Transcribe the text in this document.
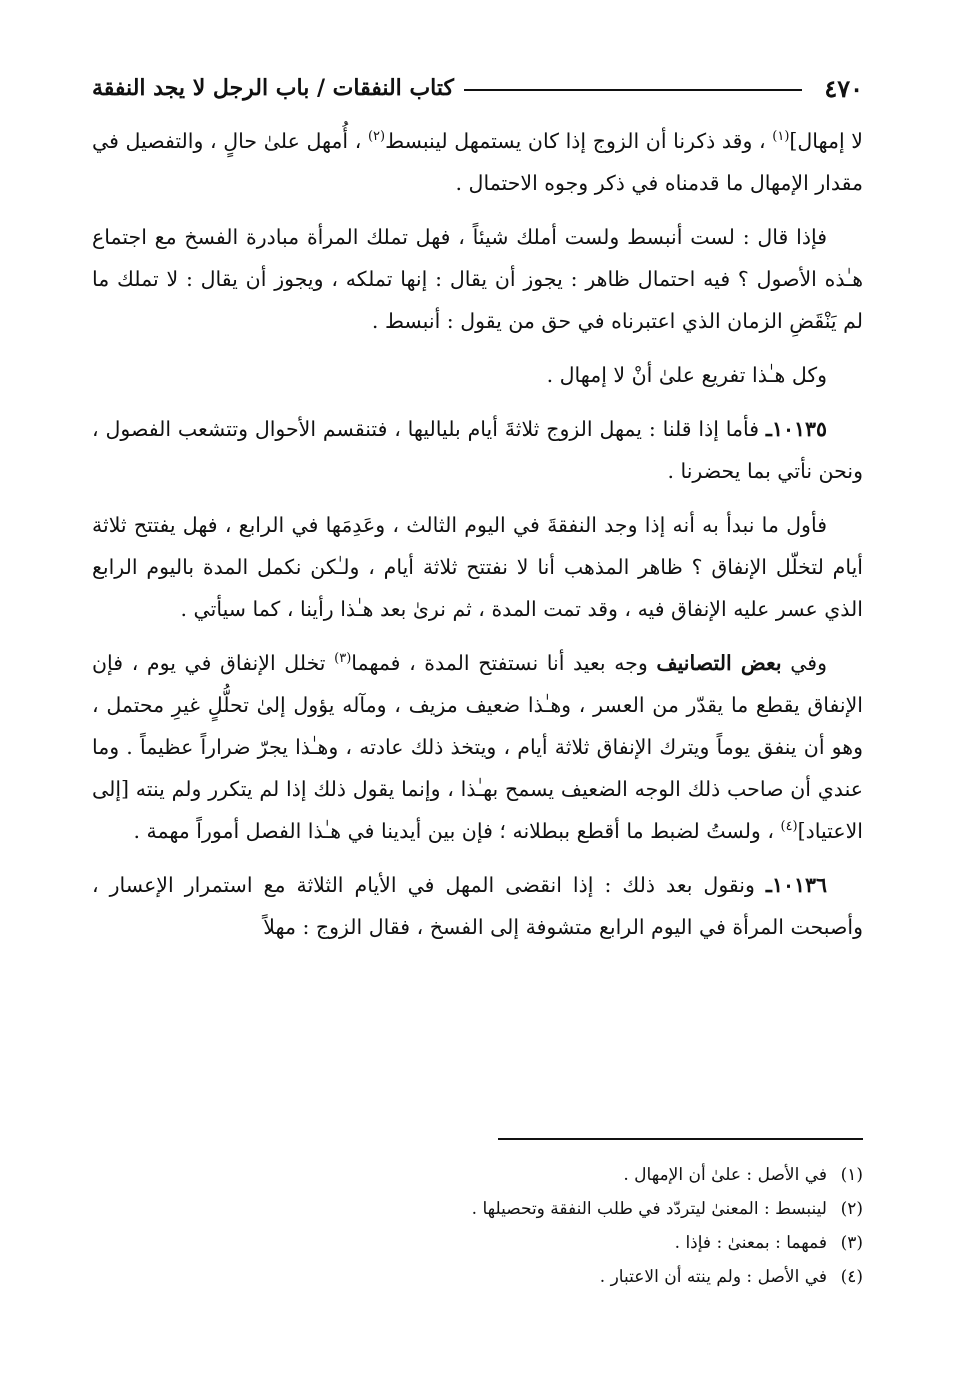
٤٧٠
كتاب النفقات / باب الرجل لا يجد النفقة

لا إمهال]$^{(١)}$ ، وقد ذكرنا أن الزوج إذا كان يستمهل لينبسط$^{(٢)}$ ، أُمهل علىٰ حالٍ ، والتفصيل في مقدار الإمهال ما قدمناه في ذكر وجوه الاحتمال .

فإذا قال : لست أنبسط ولست أملك شيئاً ، فهل تملك المرأة مبادرة الفسخ مع اجتماع هـٰذه الأصول ؟ فيه احتمال ظاهر : يجوز أن يقال : إنها تملكه ، ويجوز أن يقال : لا تملك ما لم يَنْقَضِ الزمان الذي اعتبرناه في حق من يقول : أنبسط .

وكل هـٰذا تفريع علىٰ أنْ لا إمهال .

١٠١٣٥ـ فأما إذا قلنا : يمهل الزوج ثلاثةَ أيام بلياليها ، فتنقسم الأحوال وتتشعب الفصول ، ونحن نأتي بما يحضرنا .

فأول ما نبدأ به أنه إذا وجد النفقةَ في اليوم الثالث ، وعَدِمَها في الرابع ، فهل يفتتح ثلاثة أيام لتخلّل الإنفاق ؟ ظاهر المذهب أنا لا نفتتح ثلاثة أيام ، ولـٰكن نكمل المدة باليوم الرابع الذي عسر عليه الإنفاق فيه ، وقد تمت المدة ، ثم نرىٰ بعد هـٰذا رأينا ، كما سيأتي .

وفي بعض التصانيف وجه بعيد أنا نستفتح المدة ، فمهما$^{(٣)}$ تخلل الإنفاق في يوم ، فإن الإنفاق يقطع ما يقدّر من العسر ، وهـٰذا ضعيف مزيف ، ومآله يؤول إلىٰ تحلُّلٍ غيرِ محتمل ، وهو أن ينفق يوماً ويترك الإنفاق ثلاثة أيام ، ويتخذ ذلك عادته ، وهـٰذا يجرّ ضراراً عظيماً . وما عندي أن صاحب ذلك الوجه الضعيف يسمح بهـٰذا ، وإنما يقول ذلك إذا لم يتكرر ولم ينته [إلى الاعتياد]$^{(٤)}$ ، ولستُ لضبط ما أقطع ببطلانه ؛ فإن بين أيدينا في هـٰذا الفصل أموراً مهمة .

١٠١٣٦ـ ونقول بعد ذلك : إذا انقضى المهل في الأيام الثلاثة مع استمرار الإعسار ، وأصبحت المرأة في اليوم الرابع متشوفة إلى الفسخ ، فقال الزوج : مهلاً

(١)
في الأصل : علىٰ أن الإمهال .
(٢)
لينبسط : المعنىٰ ليتردّد في طلب النفقة وتحصيلها .
(٣)
فمهما : بمعنىٰ : فإذا .
(٤)
في الأصل : ولم ينته أن الاعتبار .
